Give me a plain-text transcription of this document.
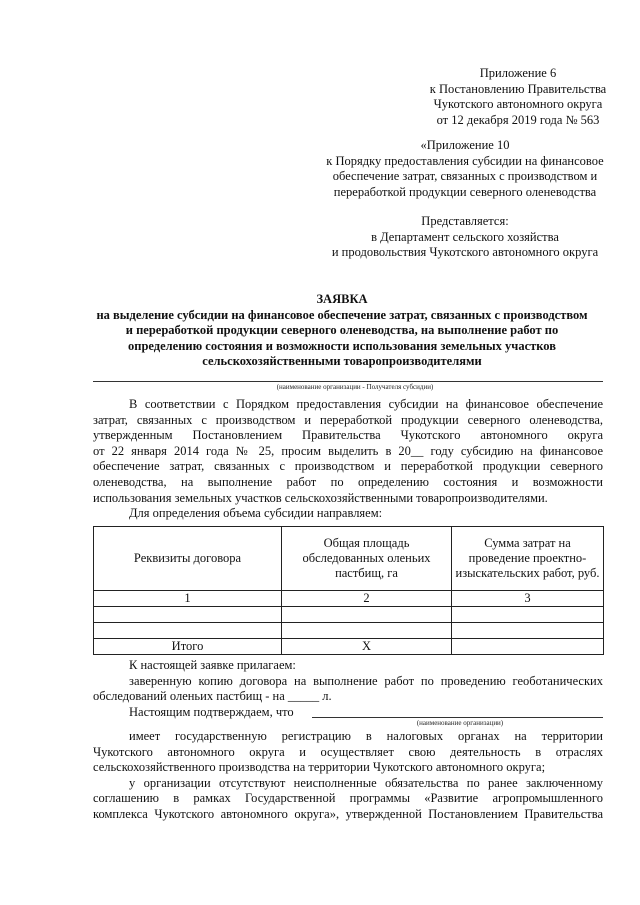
Приложение 6
к Постановлению Правительства
Чукотского автономного округа
от 12 декабря 2019 года № 563
«Приложение 10
к Порядку предоставления субсидии на финансовое
обеспечение затрат, связанных с производством и
переработкой продукции северного оленеводства
Представляется:
в Департамент сельского хозяйства
и продовольствия Чукотского автономного округа
ЗАЯВКА
на выделение субсидии на финансовое обеспечение затрат, связанных с производством
и переработкой продукции северного оленеводства, на выполнение работ по
определению состояния и возможности использования земельных участков
сельскохозяйственными товаропроизводителями
(наименование организации - Получателя субсидии)
В соответствии с Порядком предоставления субсидии на финансовое обеспечение
затрат, связанных с производством и переработкой продукции северного оленеводства,
утвержденным Постановлением Правительства Чукотского автономного округа
от 22 января 2014 года № 25, просим выделить в 20__ году субсидию на финансовое
обеспечение затрат, связанных с производством и переработкой продукции северного
оленеводства, на выполнение работ по определению состояния и возможности
использования земельных участков сельскохозяйственными товаропроизводителями.
Для определения объема субсидии направляем:
Реквизиты договора	Общая площадь обследованных оленьих пастбищ, га	Сумма затрат на проведение проектно-изыскательских работ, руб.
1	2	3

Итого	X	
К настоящей заявке прилагаем:
заверенную копию договора на выполнение работ по проведению геоботанических
обследований оленьих пастбищ - на _____ л.
Настоящим подтверждаем, что
(наименование организации)
имеет государственную регистрацию в налоговых органах на территории
Чукотского автономного округа и осуществляет свою деятельность в отраслях
сельскохозяйственного производства на территории Чукотского автономного округа;
у организации отсутствуют неисполненные обязательства по ранее заключенному
соглашению в рамках Государственной программы «Развитие агропромышленного
комплекса Чукотского автономного округа», утвержденной Постановлением Правительства
